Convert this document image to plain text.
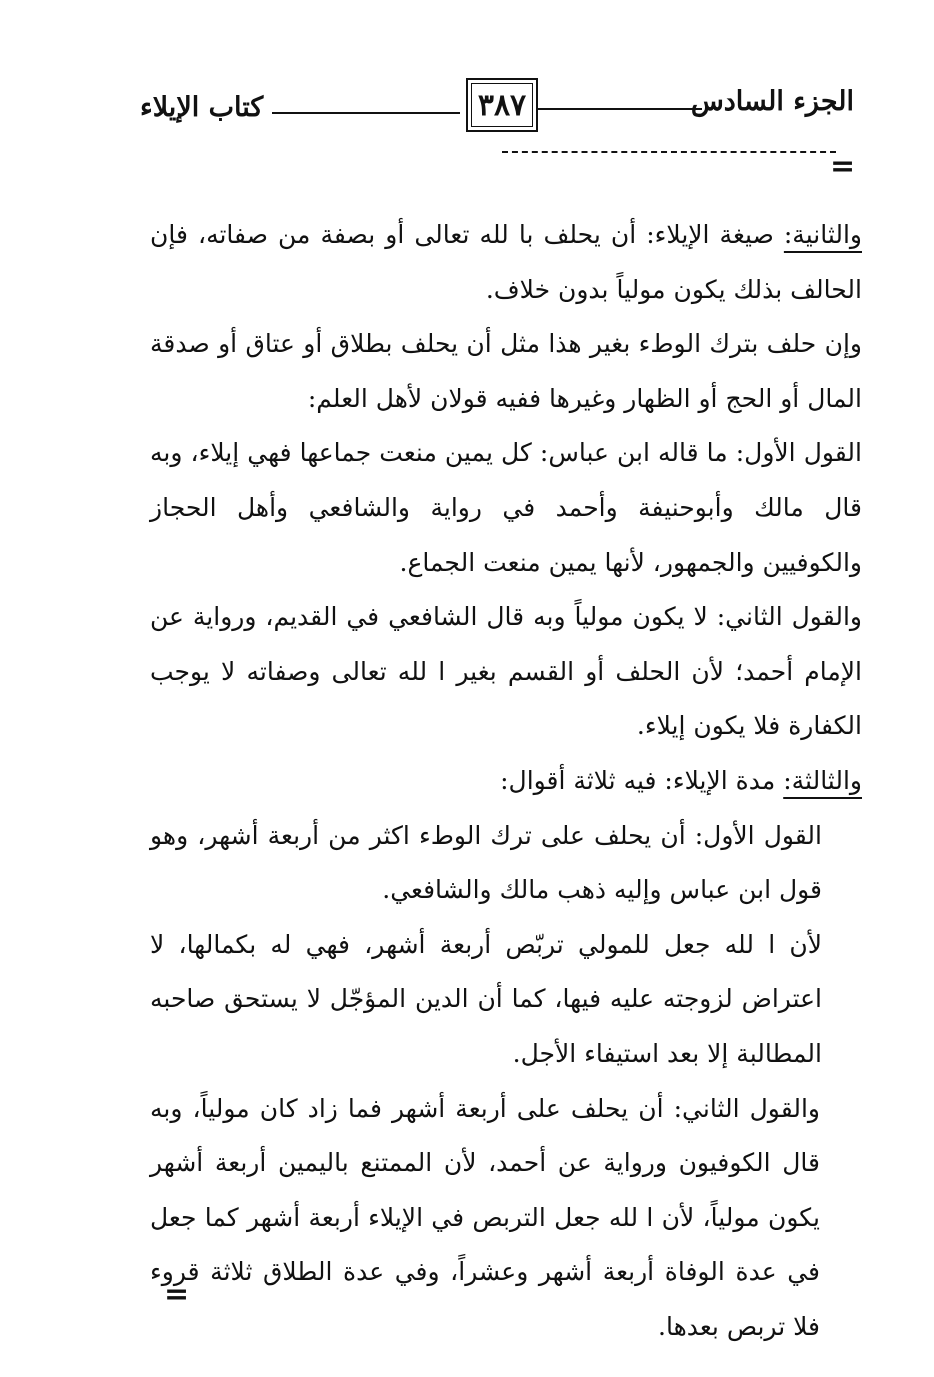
الجزء السادس
٣٨٧
كتاب الإيلاء
=

والثانية: صيغة الإيلاء: أن يحلف با لله تعالى أو بصفة من صفاته، فإن الحالف بذلك يكون مولياً بدون خلاف.

وإن حلف بترك الوطء بغير هذا مثل أن يحلف بطلاق أو عتاق أو صدقة المال أو الحج أو الظهار وغيرها ففيه قولان لأهل العلم:

القول الأول: ما قاله ابن عباس: كل يمين منعت جماعها فهي إيلاء، وبه قال مالك وأبوحنيفة وأحمد في رواية والشافعي وأهل الحجاز والكوفيين والجمهور، لأنها يمين منعت الجماع.

والقول الثاني: لا يكون مولياً وبه قال الشافعي في القديم، ورواية عن الإمام أحمد؛ لأن الحلف أو القسم بغير ا لله تعالى وصفاته لا يوجب الكفارة فلا يكون إيلاء.

والثالثة: مدة الإيلاء: فيه ثلاثة أقوال:

القول الأول: أن يحلف على ترك الوطء اكثر من أربعة أشهر، وهو قول ابن عباس وإليه ذهب مالك والشافعي.

لأن ا لله جعل للمولي تربّص أربعة أشهر، فهي له بكمالها، لا اعتراض لزوجته عليه فيها، كما أن الدين المؤجّل لا يستحق صاحبه المطالبة إلا بعد استيفاء الأجل.

والقول الثاني: أن يحلف على أربعة أشهر فما زاد كان مولياً، وبه قال الكوفيون ورواية عن أحمد، لأن الممتنع باليمين أربعة أشهر يكون مولياً، لأن ا لله جعل التربص في الإيلاء أربعة أشهر كما جعل في عدة الوفاة أربعة أشهر وعشراً، وفي عدة الطلاق ثلاثة قروء فلا تربص بعدها.

=
